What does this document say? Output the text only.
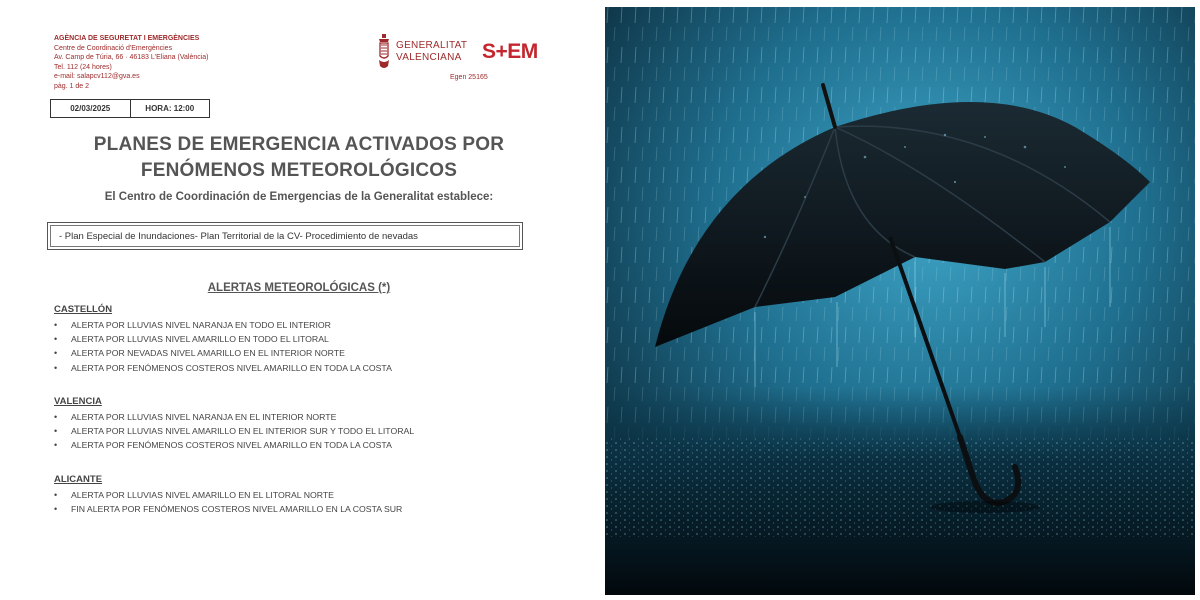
AGÈNCIA DE SEGURETAT I EMERGÈNCIES
Centre de Coordinació d'Emergències
Av. Camp de Túria, 66 · 46183 L'Eliana (València)
Tel. 112 (24 hores)
e-mail: salapcv112@gva.es
pàg. 1 de 2
GENERALITAT
VALENCIANA S+EM
Egen 25165
02/03/2025	HORA: 12:00
PLANES DE EMERGENCIA ACTIVADOS POR
FENÓMENOS METEOROLÓGICOS
El Centro de Coordinación de Emergencias de la Generalitat establece:
- Plan Especial de Inundaciones- Plan Territorial de la CV- Procedimiento de nevadas
ALERTAS METEOROLÓGICAS (*)
CASTELLÓN
• ALERTA POR LLUVIAS NIVEL NARANJA EN TODO EL INTERIOR
• ALERTA POR LLUVIAS NIVEL AMARILLO EN TODO EL LITORAL
• ALERTA POR NEVADAS NIVEL AMARILLO EN EL INTERIOR NORTE
• ALERTA POR FENÓMENOS COSTEROS NIVEL AMARILLO EN TODA LA COSTA
VALENCIA
• ALERTA POR LLUVIAS NIVEL NARANJA EN EL INTERIOR NORTE
• ALERTA POR LLUVIAS NIVEL AMARILLO EN EL INTERIOR SUR Y TODO EL LITORAL
• ALERTA POR FENÓMENOS COSTEROS NIVEL AMARILLO EN TODA LA COSTA
ALICANTE
• ALERTA POR LLUVIAS NIVEL AMARILLO EN EL LITORAL NORTE
• FIN ALERTA POR FENÓMENOS COSTEROS NIVEL AMARILLO EN LA COSTA SUR
